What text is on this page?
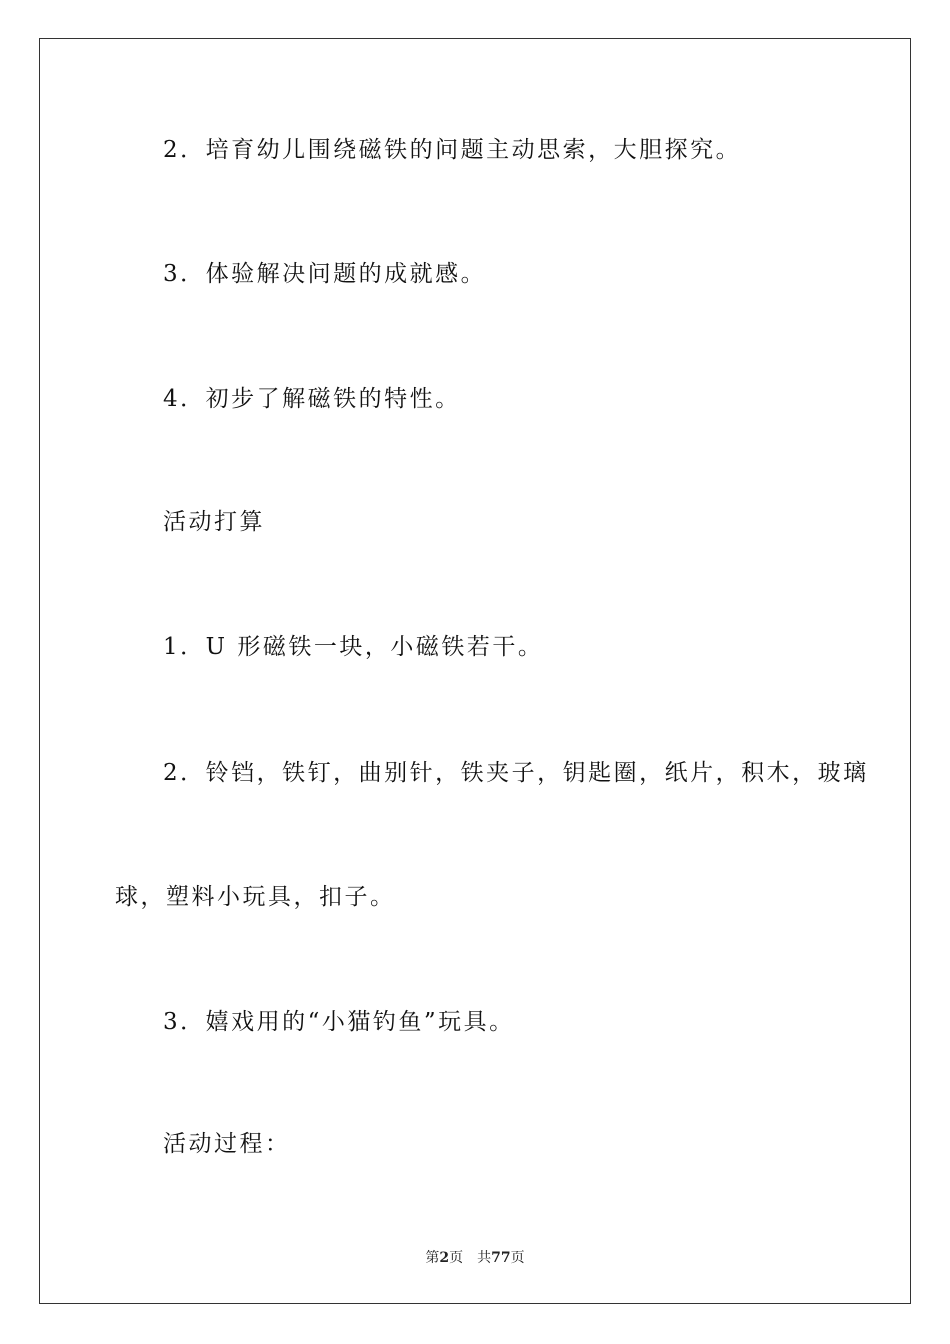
2．培育幼儿围绕磁铁的问题主动思索，大胆探究。
3．体验解决问题的成就感。
4．初步了解磁铁的特性。
活动打算
1．U 形磁铁一块，小磁铁若干。
2．铃铛，铁钉，曲别针，铁夹子，钥匙圈，纸片，积木，玻璃
球，塑料小玩具，扣子。
3．嬉戏用的“小猫钓鱼”玩具。
活动过程：
第2页 共77页
